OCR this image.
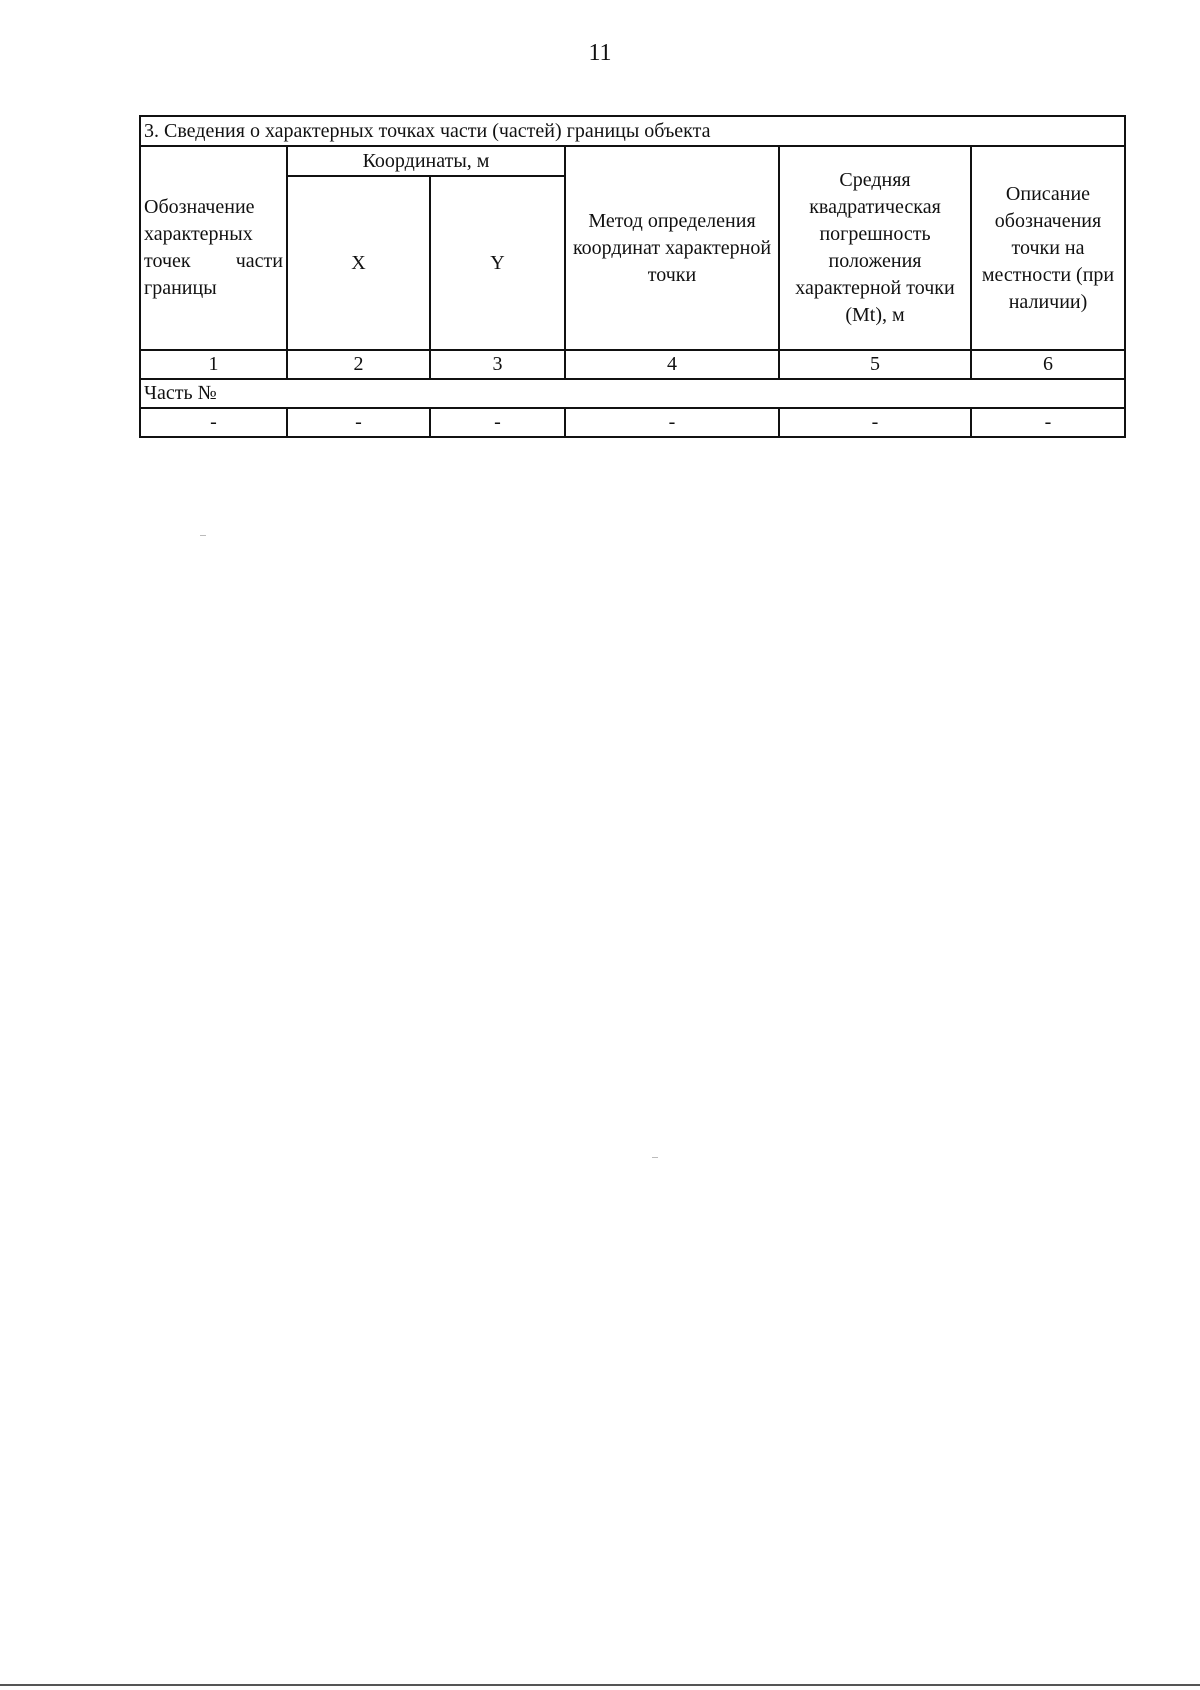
11
3. Сведения о характерных точках части (частей) границы объекта					
Обозначение
характерных

точек части
границы	Координаты, м		Метод определения координат характерной точки	Средняя квадратическая погрешность положения характерной точки (Mt), м	Описание обозначения точки на местности (при наличии)
	X	Y			
1	2	3	4	5	6
Часть №					
-	-	-	-	-	-
